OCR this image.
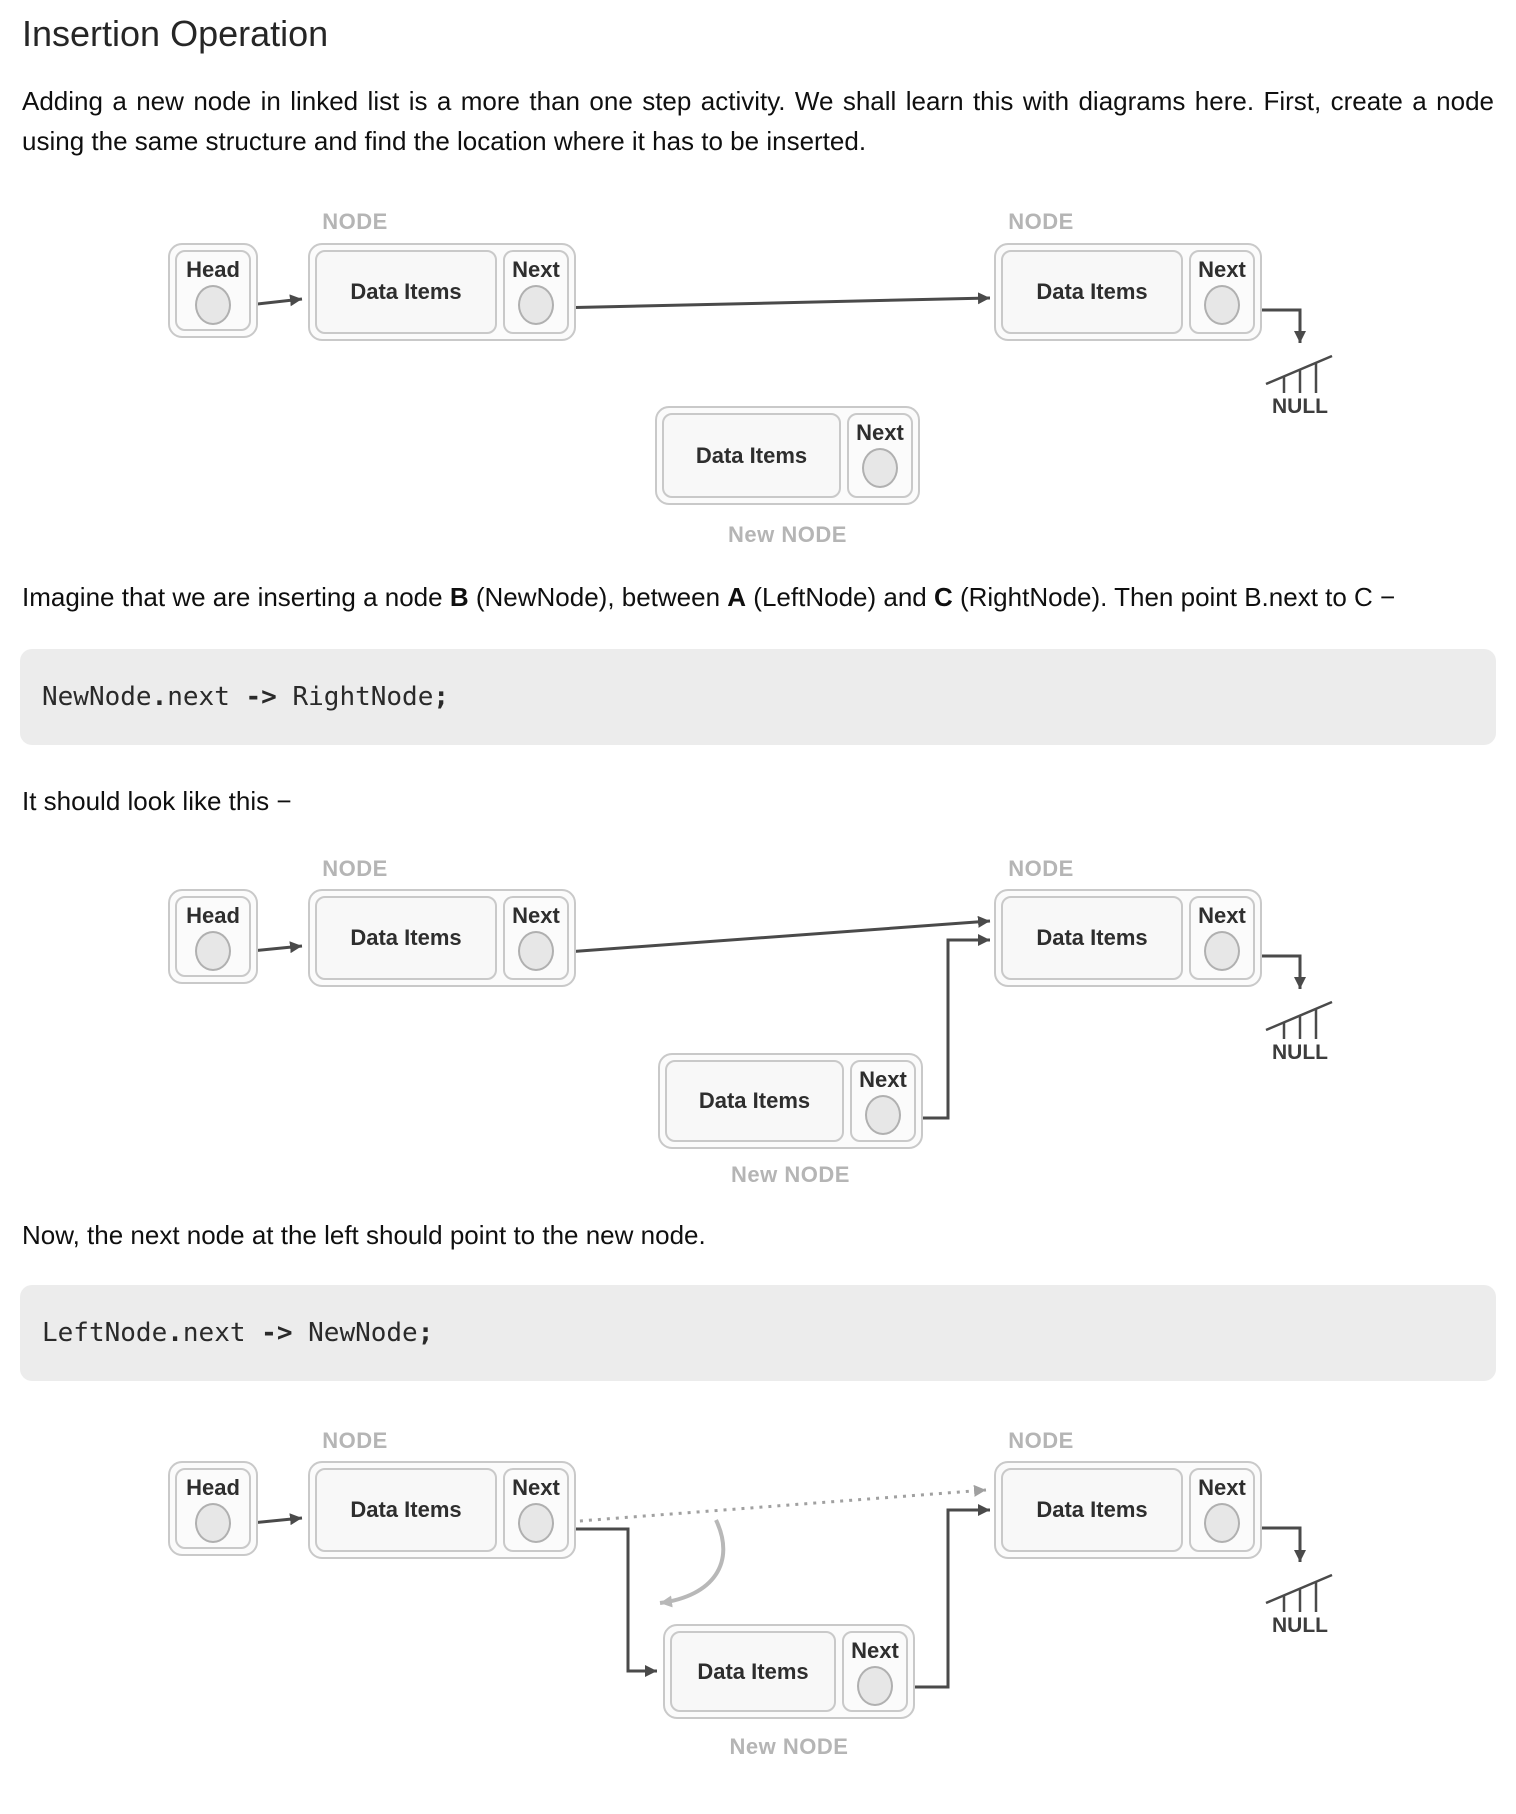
Insertion Operation

Adding a new node in linked list is a more than one step activity. We shall learn this with diagrams here. First, create a node using the same structure and find the location where it has to be inserted.

NODE	NODE
Head
Data Items
Next
Data Items
Next
Data Items
Next
New NODE
NULL

Imagine that we are inserting a node B (NewNode), between A (LeftNode) and C (RightNode). Then point B.next to C −

NewNode.next -> RightNode;

It should look like this −

NODE	NODE
Head
Data Items
Next
Data Items
Next
Data Items
Next
New NODE
NULL

Now, the next node at the left should point to the new node.

LeftNode.next -> NewNode;
NODE	NODE
Head
Data Items
Next
Data Items
Next
Data Items
Next
New NODE
NULL
